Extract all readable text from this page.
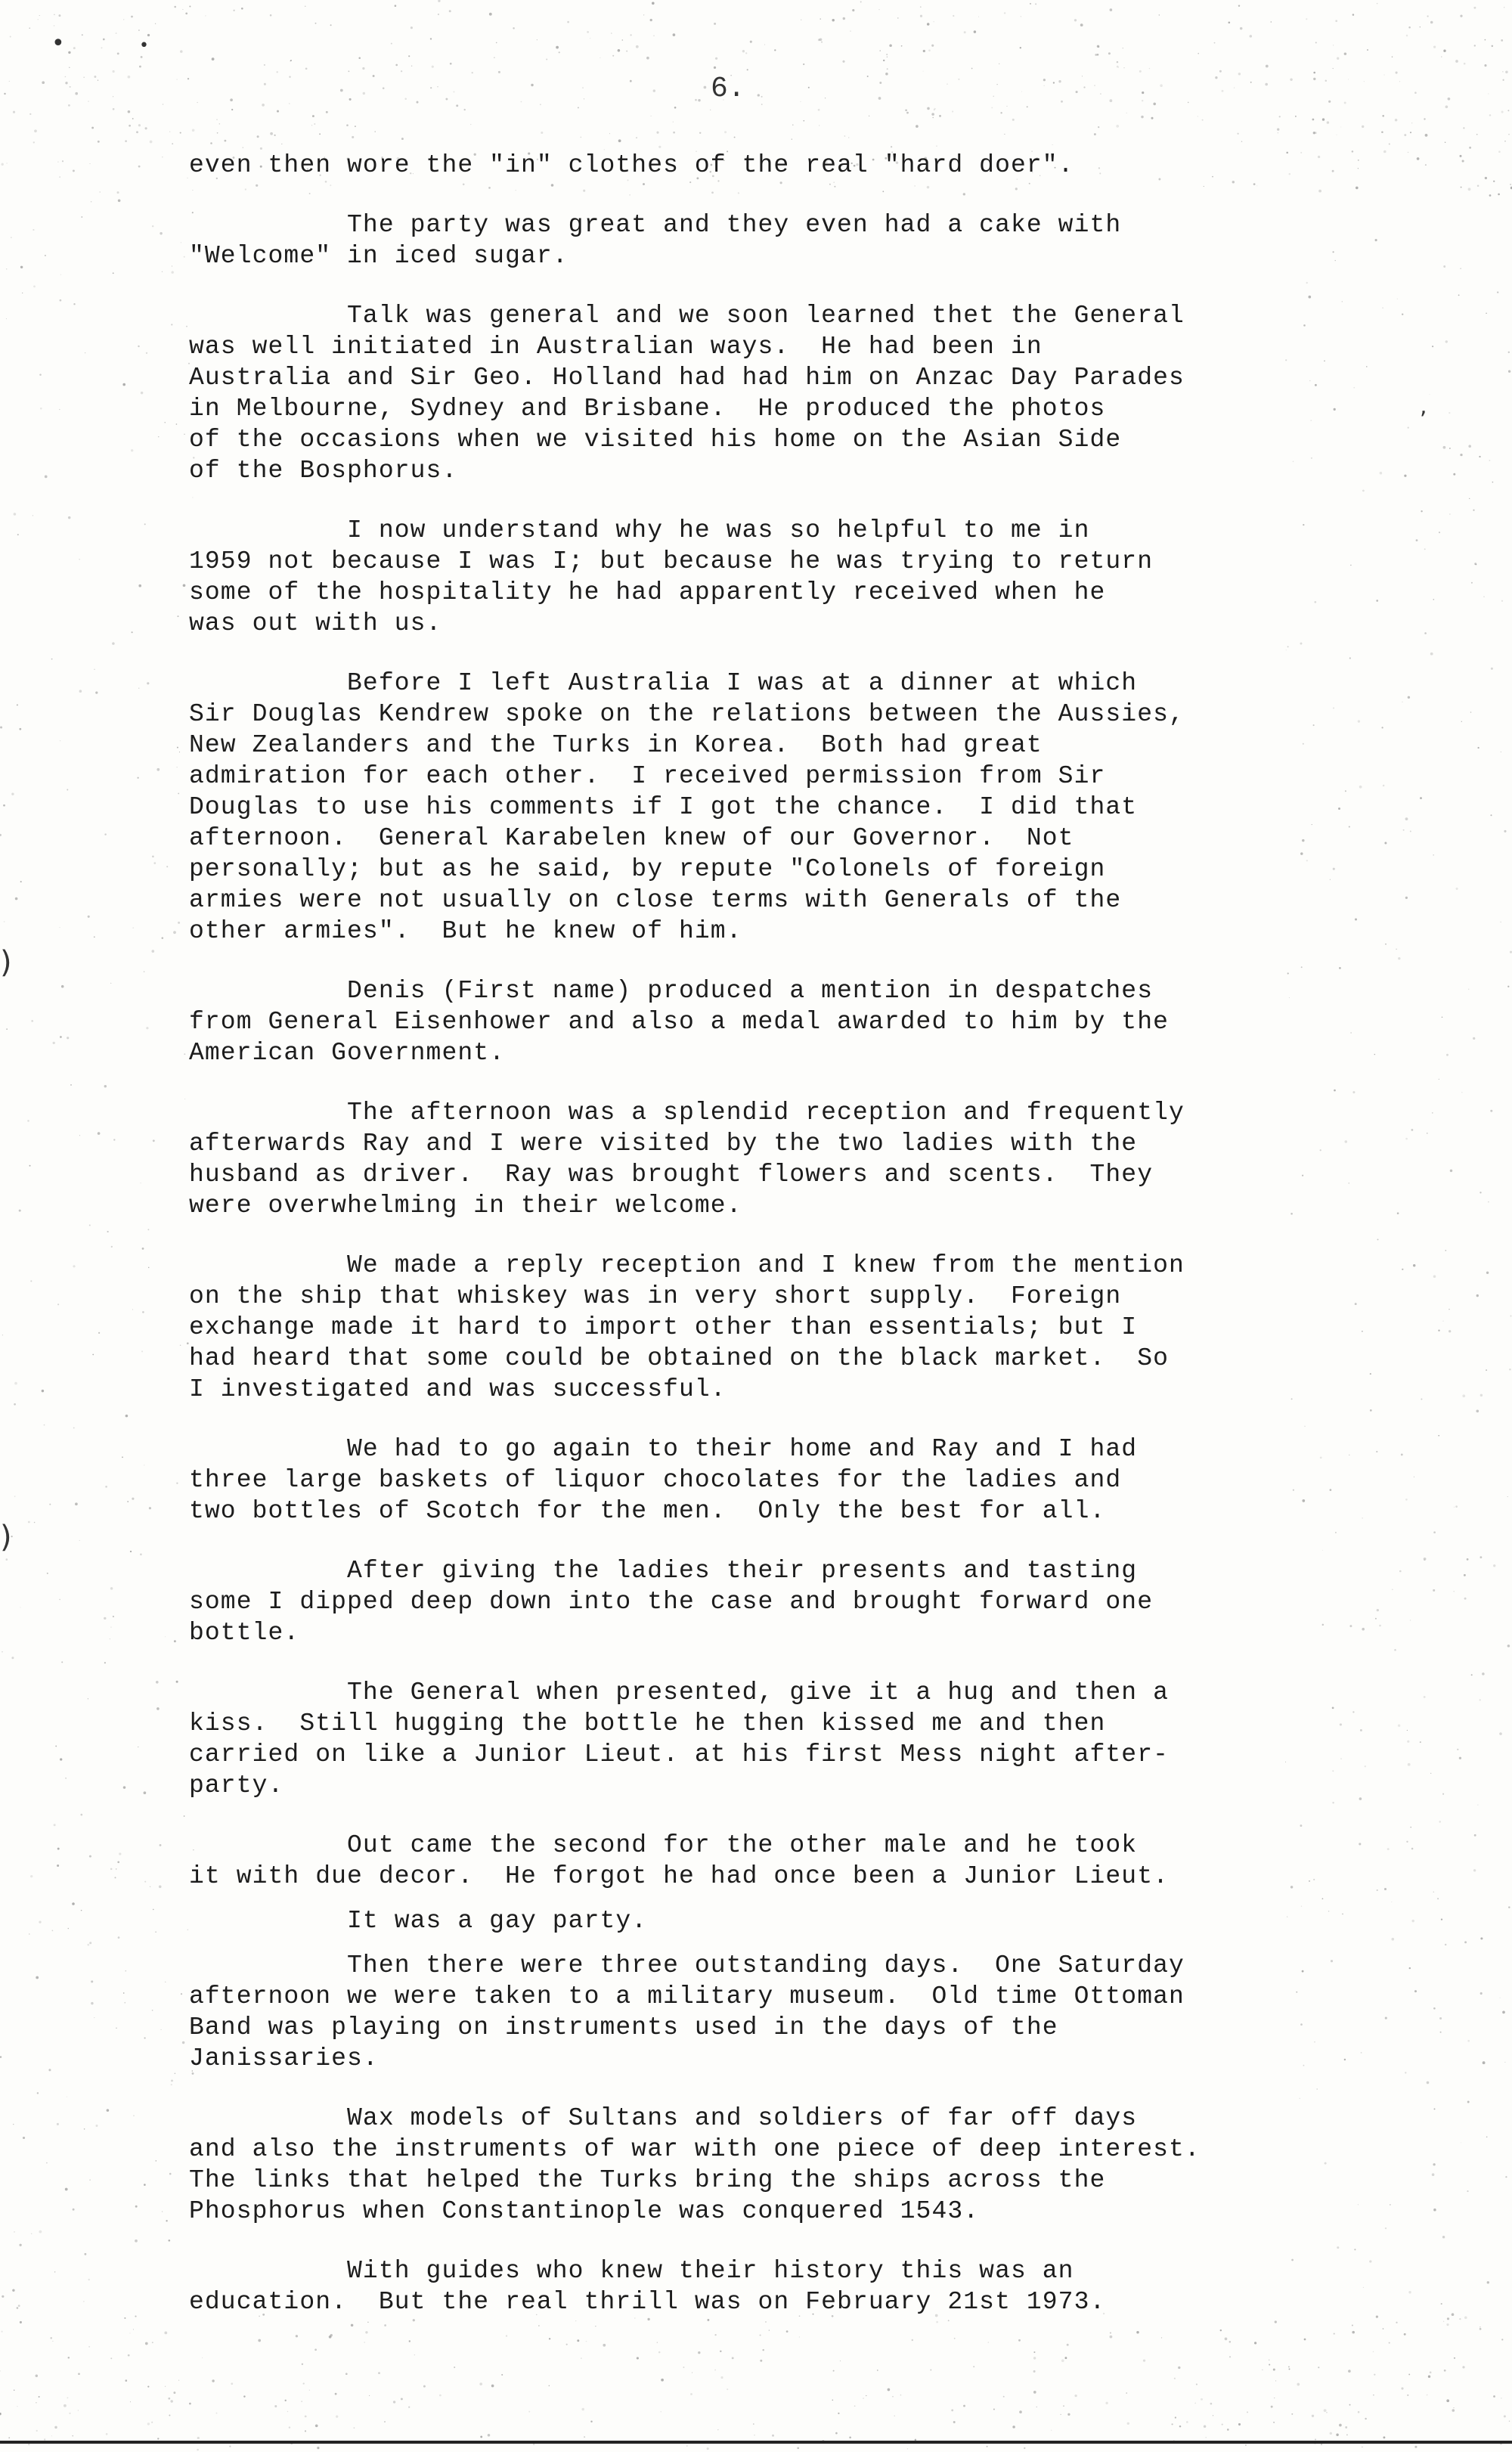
•	•
)
)
,
6.
even then wore the "in" clothes of the real "hard doer".
The party was great and they even had a cake with
"Welcome" in iced sugar.
Talk was general and we soon learned thet the General
was well initiated in Australian ways.  He had been in
Australia and Sir Geo. Holland had had him on Anzac Day Parades
in Melbourne, Sydney and Brisbane.  He produced the photos
of the occasions when we visited his home on the Asian Side
of the Bosphorus.
I now understand why he was so helpful to me in
1959 not because I was I; but because he was trying to return
some of the hospitality he had apparently received when he
was out with us.
Before I left Australia I was at a dinner at which
Sir Douglas Kendrew spoke on the relations between the Aussies,
New Zealanders and the Turks in Korea.  Both had great
admiration for each other.  I received permission from Sir
Douglas to use his comments if I got the chance.  I did that
afternoon.  General Karabelen knew of our Governor.  Not
personally; but as he said, by repute "Colonels of foreign
armies were not usually on close terms with Generals of the
other armies".  But he knew of him.
Denis (First name) produced a mention in despatches
from General Eisenhower and also a medal awarded to him by the
American Government.
The afternoon was a splendid reception and frequently
afterwards Ray and I were visited by the two ladies with the
husband as driver.  Ray was brought flowers and scents.  They
were overwhelming in their welcome.
We made a reply reception and I knew from the mention
on the ship that whiskey was in very short supply.  Foreign
exchange made it hard to import other than essentials; but I
had heard that some could be obtained on the black market.  So
I investigated and was successful.
We had to go again to their home and Ray and I had
three large baskets of liquor chocolates for the ladies and
two bottles of Scotch for the men.  Only the best for all.
After giving the ladies their presents and tasting
some I dipped deep down into the case and brought forward one
bottle.
The General when presented, give it a hug and then a
kiss.  Still hugging the bottle he then kissed me and then
carried on like a Junior Lieut. at his first Mess night after-
party.
Out came the second for the other male and he took
it with due decor.  He forgot he had once been a Junior Lieut.
It was a gay party.
Then there were three outstanding days.  One Saturday
afternoon we were taken to a military museum.  Old time Ottoman
Band was playing on instruments used in the days of the
Janissaries.
Wax models of Sultans and soldiers of far off days
and also the instruments of war with one piece of deep interest.
The links that helped the Turks bring the ships across the
Phosphorus when Constantinople was conquered 1543.
With guides who knew their history this was an
education.  But the real thrill was on February 21st 1973.
